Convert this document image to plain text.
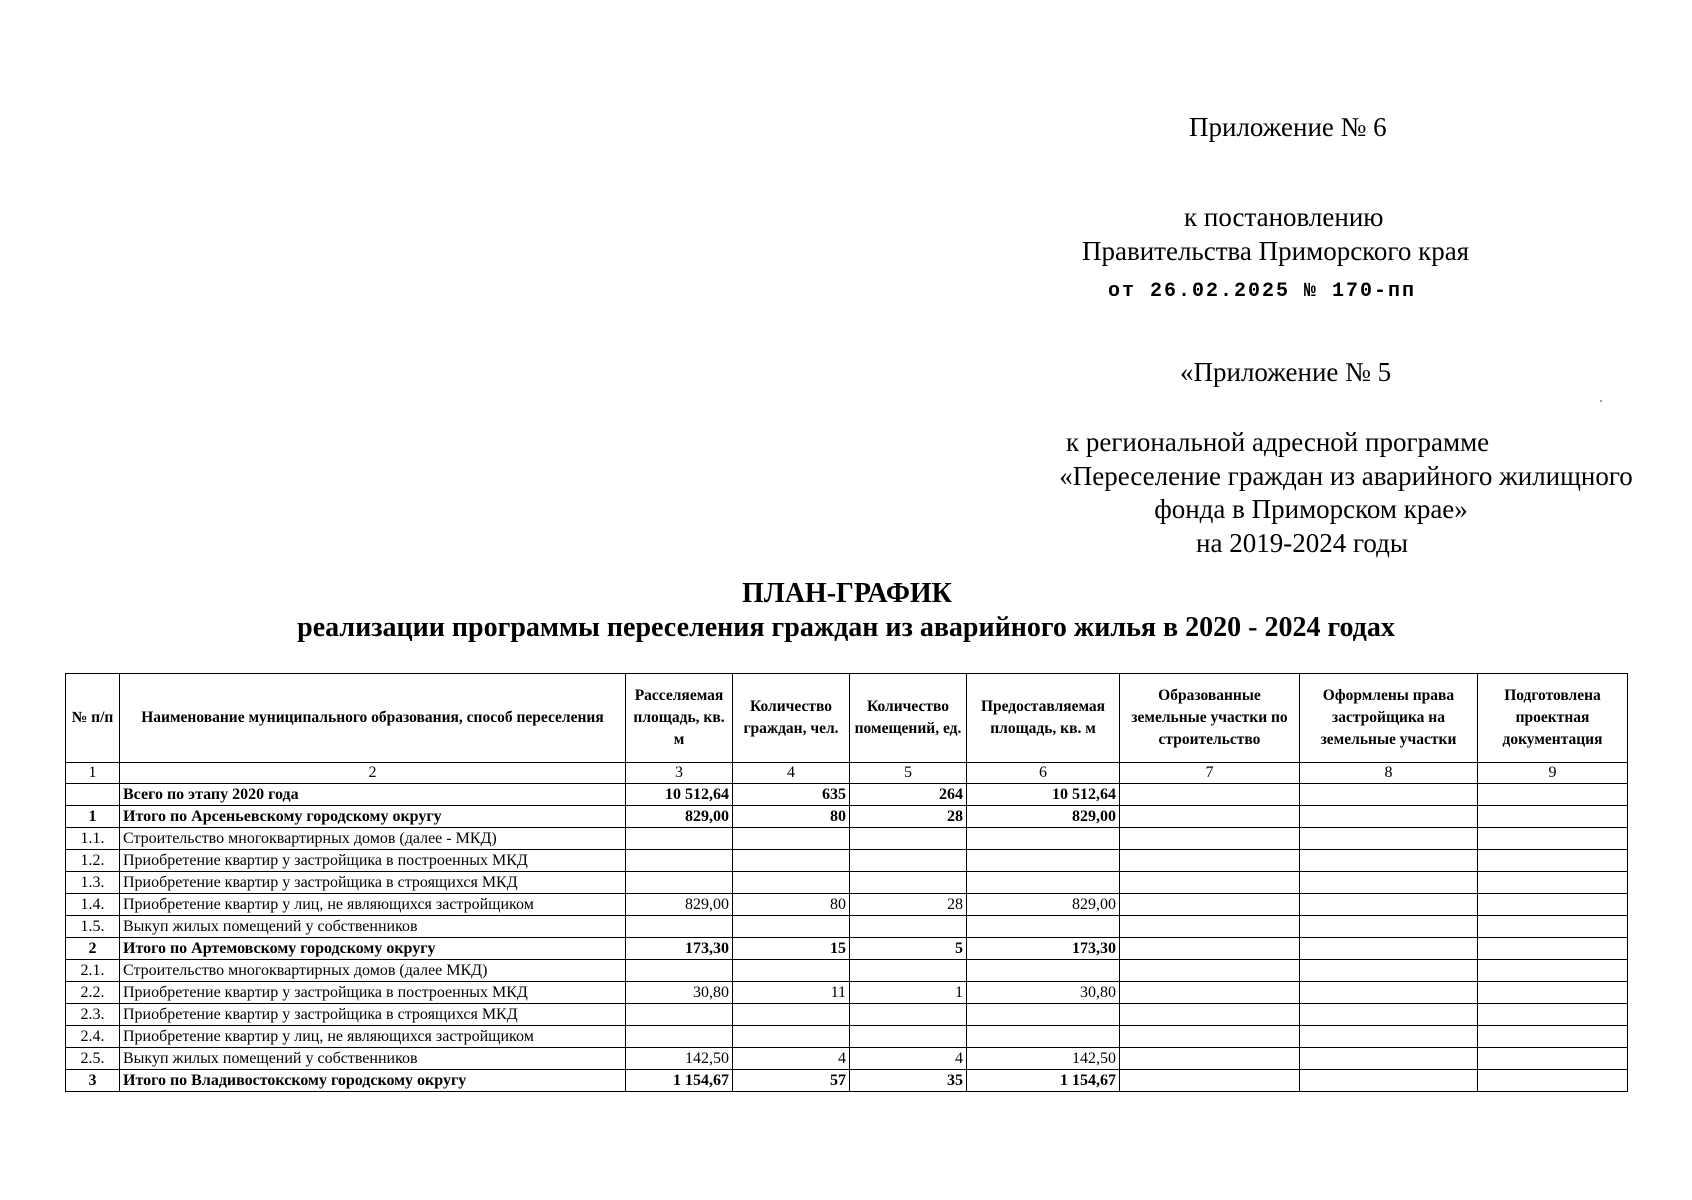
Приложение № 6
к постановлению
Правительства Приморского края
от 26.02.2025 № 170-пп
«Приложение № 5
к региональной адресной программе
«Переселение граждан из аварийного жилищного
фонда в Приморском крае»
на 2019-2024 годы
ПЛАН-ГРАФИК
реализации программы переселения граждан из аварийного жилья в 2020 - 2024 годах
№ п/п	Наименование муниципального образования, способ переселения	Расселяемая площадь, кв. м	Количество граждан, чел.	Количество помещений, ед.	Предоставляемая площадь, кв. м	Образованные земельные участки по строительство	Оформлены права застройщика на земельные участки	Подготовлена проектная документация
1	2	3	4	5	6	7	8	9
	Всего по этапу 2020 года	10 512,64	635	264	10 512,64			
1	Итого по Арсеньевскому городскому округу	829,00	80	28	829,00			
1.1.	Строительство многоквартирных домов (далее - МКД)							
1.2.	Приобретение квартир у застройщика в построенных МКД							
1.3.	Приобретение квартир у застройщика в строящихся МКД							
1.4.	Приобретение квартир у лиц, не являющихся застройщиком	829,00	80	28	829,00			
1.5.	Выкуп жилых помещений у собственников							
2	Итого по Артемовскому городскому округу	173,30	15	5	173,30			
2.1.	Строительство многоквартирных домов (далее МКД)							
2.2.	Приобретение квартир у застройщика в построенных МКД	30,80	11	1	30,80			
2.3.	Приобретение квартир у застройщика в строящихся МКД							
2.4.	Приобретение квартир у лиц, не являющихся застройщиком							
2.5.	Выкуп жилых помещений у собственников	142,50	4	4	142,50			
3	Итого по Владивостокскому городскому округу	1 154,67	57	35	1 154,67			
